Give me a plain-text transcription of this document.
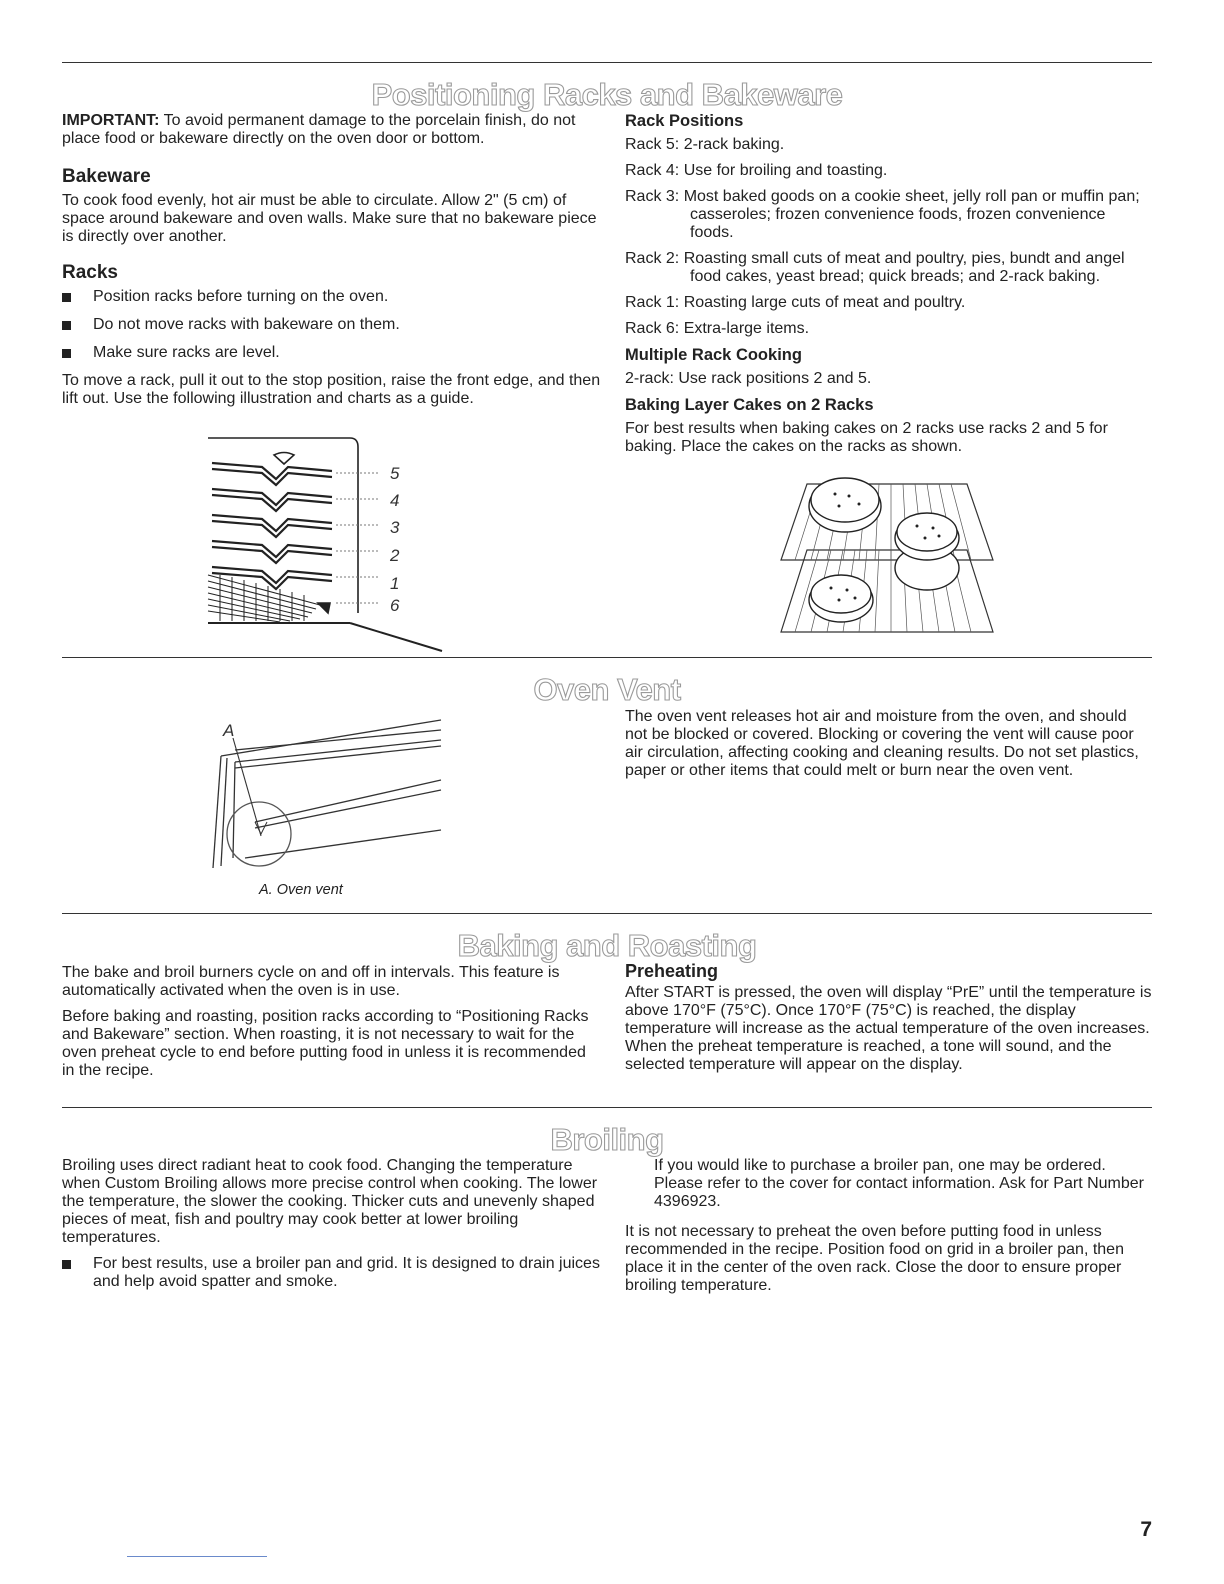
Positioning Racks and Bakeware

IMPORTANT: To avoid permanent damage to the porcelain finish, do not place food or bakeware directly on the oven door or bottom.

Bakeware

To cook food evenly, hot air must be able to circulate. Allow 2" (5 cm) of space around bakeware and oven walls. Make sure that no bakeware piece is directly over another.

Racks
Position racks before turning on the oven.
Do not move racks with bakeware on them.
Make sure racks are level.

To move a rack, pull it out to the stop position, raise the front edge, and then lift out. Use the following illustration and charts as a guide.

5
4
3
2
1
6
Rack Positions

Rack 5: 2-rack baking.

Rack 4: Use for broiling and toasting.

Rack 3: Most baked goods on a cookie sheet, jelly roll pan or muffin pan; casseroles; frozen convenience foods, frozen convenience foods.

Rack 2: Roasting small cuts of meat and poultry, pies, bundt and angel food cakes, yeast bread; quick breads; and 2-rack baking.

Rack 1: Roasting large cuts of meat and poultry.

Rack 6: Extra-large items.

Multiple Rack Cooking

2-rack: Use rack positions 2 and 5.

Baking Layer Cakes on 2 Racks

For best results when baking cakes on 2 racks use racks 2 and 5 for baking. Place the cakes on the racks as shown.

Oven Vent
A
A. Oven vent

The oven vent releases hot air and moisture from the oven, and should not be blocked or covered. Blocking or covering the vent will cause poor air circulation, affecting cooking and cleaning results. Do not set plastics, paper or other items that could melt or burn near the oven vent.

Baking and Roasting

The bake and broil burners cycle on and off in intervals. This feature is automatically activated when the oven is in use.

Before baking and roasting, position racks according to “Positioning Racks and Bakeware” section. When roasting, it is not necessary to wait for the oven preheat cycle to end before putting food in unless it is recommended in the recipe.

Preheating

After START is pressed, the oven will display “PrE” until the temperature is above 170°F (75°C). Once 170°F (75°C) is reached, the display temperature will increase as the actual temperature of the oven increases. When the preheat temperature is reached, a tone will sound, and the selected temperature will appear on the display.

Broiling

Broiling uses direct radiant heat to cook food. Changing the temperature when Custom Broiling allows more precise control when cooking. The lower the temperature, the slower the cooking. Thicker cuts and unevenly shaped pieces of meat, fish and poultry may cook better at lower broiling temperatures.

For best results, use a broiler pan and grid. It is designed to drain juices and help avoid spatter and smoke.

If you would like to purchase a broiler pan, one may be ordered. Please refer to the cover for contact information. Ask for Part Number 4396923.

It is not necessary to preheat the oven before putting food in unless recommended in the recipe. Position food on grid in a broiler pan, then place it in the center of the oven rack. Close the door to ensure proper broiling temperature.

7
